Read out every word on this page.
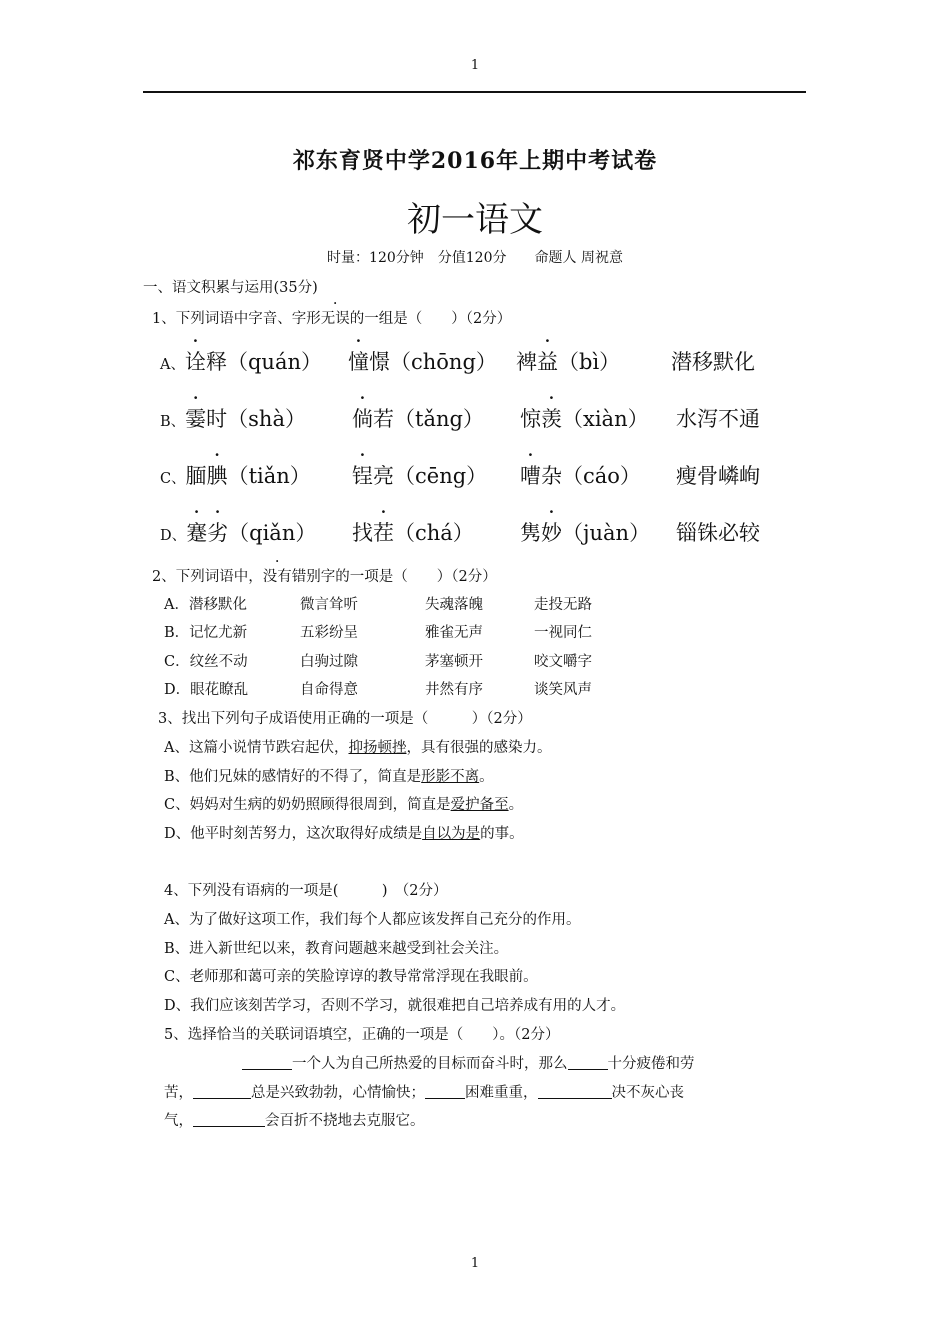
1
祁东育贤中学2016年上期中考试卷
初一语文
时量：120分钟　分值120分　　命题人 周祝意
一、语文积累与运用(35分)
1、下列词语中字音、字形无误的一组是（　　）（2分）
A、诠释（quán） 憧憬（chōng） 裨益（bì） 潜移默化
B、霎时（shà） 倘若（tǎng） 惊羡（xiàn） 水泻不通
C、腼腆（tiǎn） 锃亮（cēng） 嘈杂（cáo） 瘦骨嶙峋
D、蹇劣（qiǎn） 找茬（chá） 隽妙（juàn） 锱铢必较
2、下列词语中，没有错别字的一项是（　　）（2分）
A．潜移默化	微言耸听	失魂落魄	走投无路
B．记忆尤新	五彩纷呈	雅雀无声	一视同仁
C．纹丝不动	白驹过隙	茅塞顿开	咬文嚼字
D．眼花瞭乱	自命得意	井然有序	谈笑风声
3、找出下列句子成语使用正确的一项是（　　　）（2分）
A、这篇小说情节跌宕起伏，抑扬顿挫，具有很强的感染力。
B、他们兄妹的感情好的不得了，简直是形影不离。
C、妈妈对生病的奶奶照顾得很周到，简直是爱护备至。
D、他平时刻苦努力，这次取得好成绩是自以为是的事。
4、下列没有语病的一项是(　　　)　（2分）
A、为了做好这项工作，我们每个人都应该发挥自己充分的作用。
B、进入新世纪以来，教育问题越来越受到社会关注。
C、老师那和蔼可亲的笑脸谆谆的教导常常浮现在我眼前。
D、我们应该刻苦学习，否则不学习，就很难把自己培养成有用的人才。
5、选择恰当的关联词语填空，正确的一项是（　　）。（2分）
一个人为自己所热爱的目标而奋斗时，那么	十分疲倦和劳
苦，	总是兴致勃勃，心情愉快；	困难重重，	决不灰心丧
气，	会百折不挠地去克服它。
1
